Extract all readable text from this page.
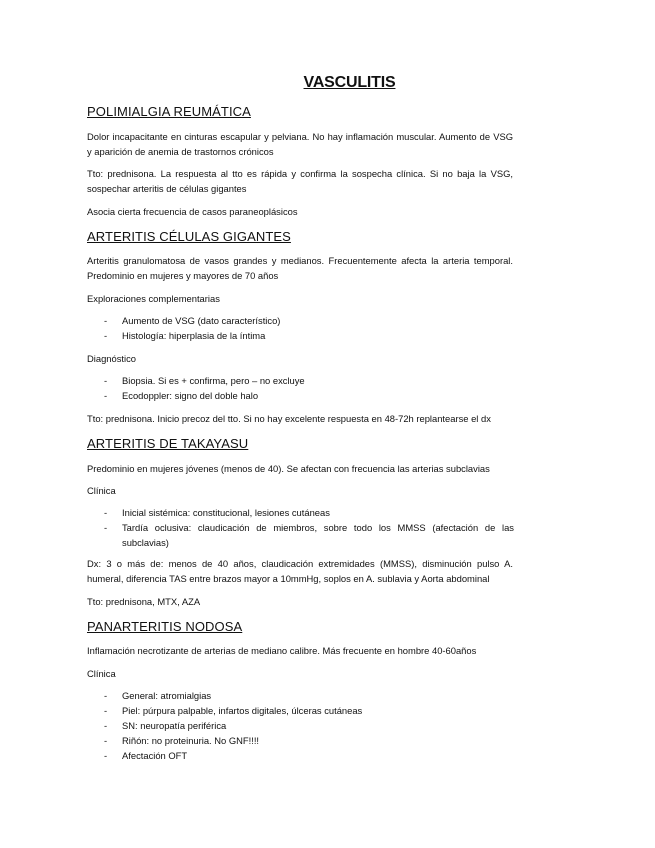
VASCULITIS
POLIMIALGIA REUMÁTICA
Dolor incapacitante en cinturas escapular y pelviana. No hay inflamación muscular. Aumento de VSG y aparición de anemia de trastornos crónicos
Tto: prednisona. La respuesta al tto es rápida y confirma la sospecha clínica. Si no baja la VSG, sospechar arteritis de células gigantes
Asocia cierta frecuencia de casos paraneoplásicos
ARTERITIS CÉLULAS GIGANTES
Arteritis granulomatosa de vasos grandes y medianos. Frecuentemente afecta la arteria temporal. Predominio en mujeres y mayores de 70 años
Exploraciones complementarias
- Aumento de VSG (dato característico)
- Histología: hiperplasia de la íntima
Diagnóstico
- Biopsia. Si es + confirma, pero – no excluye
- Ecodoppler: signo del doble halo
Tto: prednisona. Inicio precoz del tto. Si no hay excelente respuesta en 48-72h replantearse el dx
ARTERITIS DE TAKAYASU
Predominio en mujeres jóvenes (menos de 40). Se afectan con frecuencia las arterias subclavias
Clínica
- Inicial sistémica: constitucional, lesiones cutáneas
- Tardía oclusiva: claudicación de miembros, sobre todo los MMSS (afectación de las subclavias)
Dx: 3 o más de: menos de 40 años, claudicación extremidades (MMSS), disminución pulso A. humeral, diferencia TAS entre brazos mayor a 10mmHg, soplos en A. sublavia y Aorta abdominal
Tto: prednisona, MTX, AZA
PANARTERITIS NODOSA
Inflamación necrotizante de arterias de mediano calibre. Más frecuente en hombre 40-60años
Clínica
- General: atromialgias
- Piel: púrpura palpable, infartos digitales, úlceras cutáneas
- SN: neuropatía periférica
- Riñón: no proteinuria. No GNF!!!!
- Afectación OFT
